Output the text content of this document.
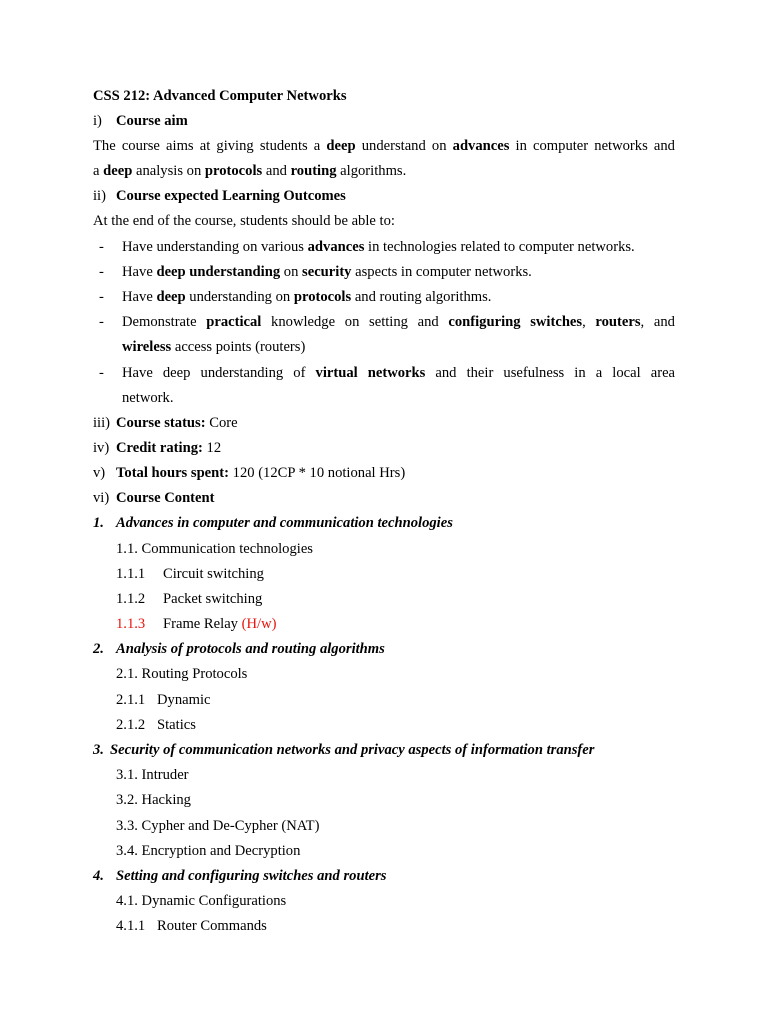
CSS 212: Advanced Computer Networks
i) Course aim
The course aims at giving students a deep understand on advances in computer networks and
a deep analysis on protocols and routing algorithms.
ii) Course expected Learning Outcomes
At the end of the course, students should be able to:
- Have understanding on various advances in technologies related to computer networks.
- Have deep understanding on security aspects in computer networks.
- Have deep understanding on protocols and routing algorithms.
- Demonstrate practical knowledge on setting and configuring switches, routers, and
wireless access points (routers)
- Have deep understanding of virtual networks and their usefulness in a local area
network.
iii) Course status: Core
iv) Credit rating: 12
v) Total hours spent: 120 (12CP * 10 notional Hrs)
vi) Course Content
1. Advances in computer and communication technologies
1.1. Communication technologies
1.1.1 Circuit switching
1.1.2 Packet switching
1.1.3 Frame Relay (H/w)
2. Analysis of protocols and routing algorithms
2.1. Routing Protocols
2.1.1 Dynamic
2.1.2 Statics
3. Security of communication networks and privacy aspects of information transfer
3.1. Intruder
3.2. Hacking
3.3. Cypher and De-Cypher (NAT)
3.4. Encryption and Decryption
4. Setting and configuring switches and routers
4.1. Dynamic Configurations
4.1.1 Router Commands
